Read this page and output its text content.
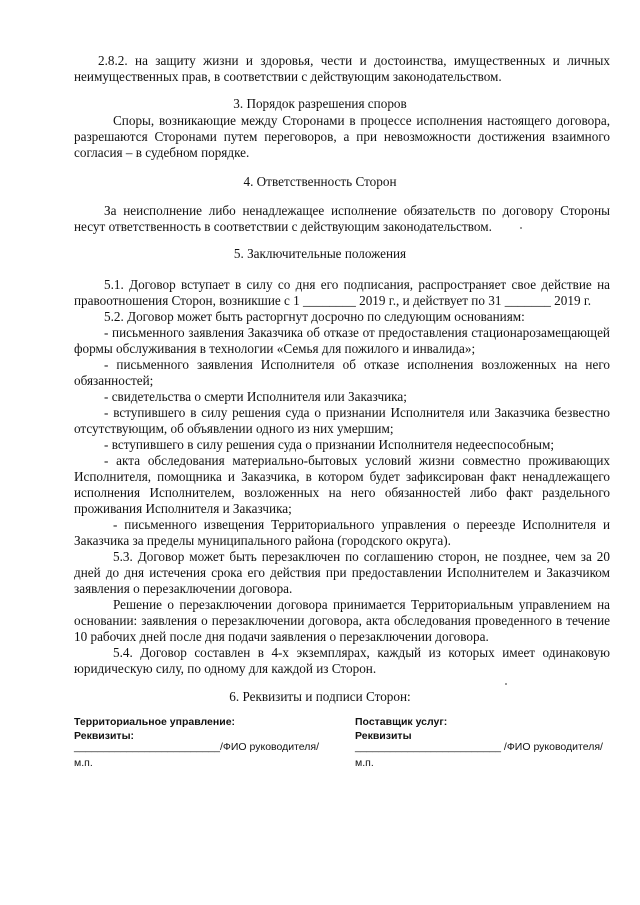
2.8.2. на защиту жизни и здоровья, чести и достоинства, имущественных и личных
неимущественных прав, в соответствии с действующим законодательством.
3. Порядок разрешения споров
Споры, возникающие между Сторонами в процессе исполнения настоящего договора,
разрешаются Сторонами путем переговоров, а при невозможности достижения взаимного
согласия – в судебном порядке.
4. Ответственность Сторон
За неисполнение либо ненадлежащее исполнение обязательств по договору Стороны
несут ответственность в соответствии с действующим законодательством.
5. Заключительные положения
5.1. Договор вступает в силу со дня его подписания, распространяет свое действие на
правоотношения Сторон, возникшие с 1 ________ 2019 г., и действует по 31 _______ 2019 г.
5.2. Договор может быть расторгнут досрочно по следующим основаниям:
- письменного заявления Заказчика об отказе от предоставления стационарозамещающей
формы обслуживания в технологии «Семья для пожилого и инвалида»;
- письменного заявления Исполнителя об отказе исполнения возложенных на него
обязанностей;
- свидетельства о смерти Исполнителя или Заказчика;
- вступившего в силу решения суда о признании Исполнителя или Заказчика безвестно
отсутствующим, об объявлении одного из них умершим;
- вступившего в силу решения суда о признании Исполнителя недееспособным;
- акта обследования материально-бытовых условий жизни совместно проживающих
Исполнителя, помощника и Заказчика, в котором будет зафиксирован факт ненадлежащего
исполнения Исполнителем, возложенных на него обязанностей либо факт раздельного
проживания Исполнителя и Заказчика;
- письменного извещения Территориального управления о переезде Исполнителя и
Заказчика за пределы муниципального района (городского округа).
5.3. Договор может быть перезаключен по соглашению сторон, не позднее, чем за 20
дней до дня истечения срока его действия при предоставлении Исполнителем и Заказчиком
заявления о перезаключении договора.
Решение о перезаключении договора принимается Территориальным управлением на
основании: заявления о перезаключении договора, акта обследования проведенного в течение
10 рабочих дней после дня подачи заявления о перезаключении договора.
5.4. Договор составлен в 4-х экземплярах, каждый из которых имеет одинаковую
юридическую силу, по одному для каждой из Сторон.
6. Реквизиты и подписи Сторон:
Территориальное управление:
Реквизиты:
Поставщик услуг:
Реквизиты
_________________________/ФИО руководителя/	_________________________ /ФИО руководителя/
м.п.	м.п.
